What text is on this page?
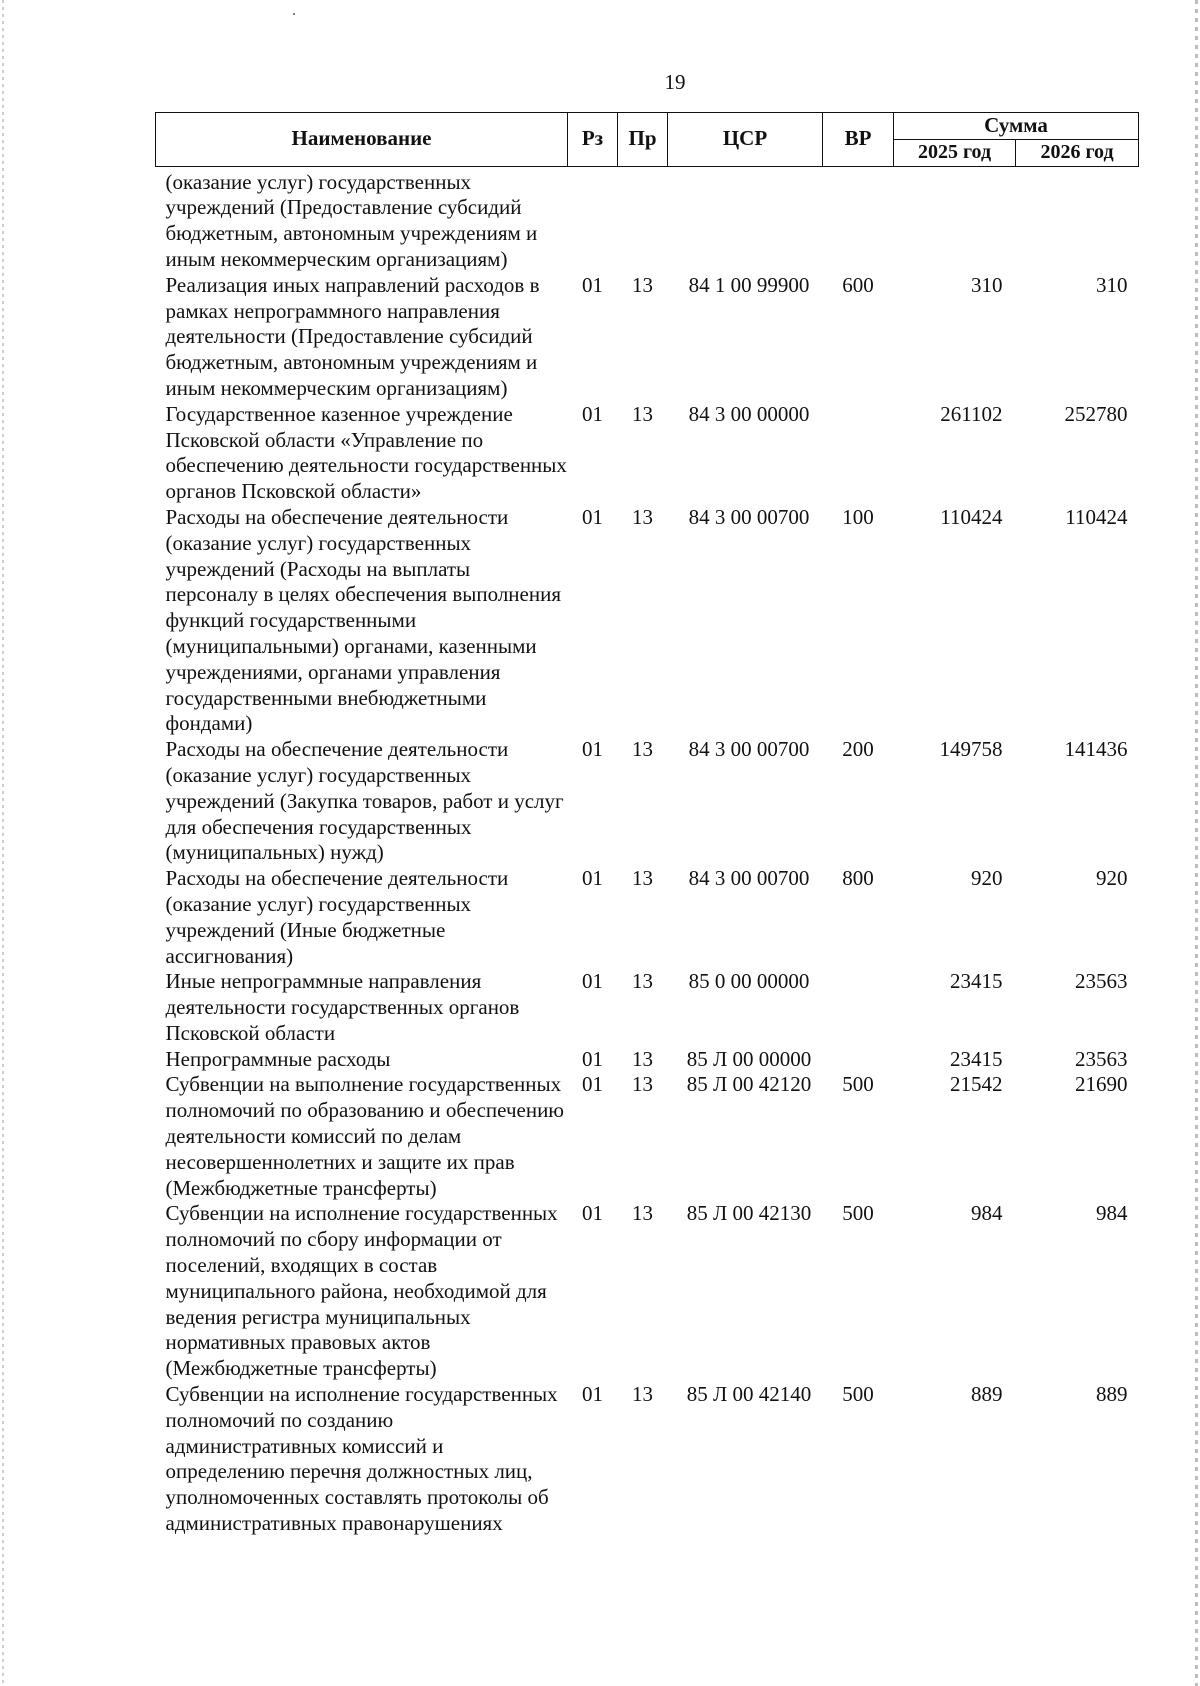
19
Наименование	Рз	Пр	ЦСР	ВР	Сумма	
					2025 год	2026 год
(оказание услуг) государственных учреждений (Предоставление субсидий бюджетным, автономным учреждениям и иным некоммерческим организациям)						
Реализация иных направлений расходов в рамках непрограммного направления деятельности (Предоставление субсидий бюджетным, автономным учреждениям и иным некоммерческим организациям)	01	13	84 1 00 99900	600	310	310
Государственное казенное учреждение Псковской области «Управление по обеспечению деятельности государственных органов Псковской области»	01	13	84 3 00 00000		261102	252780
Расходы на обеспечение деятельности (оказание услуг) государственных учреждений (Расходы на выплаты персоналу в целях обеспечения выполнения функций государственными (муниципальными) органами, казенными учреждениями, органами управления государственными внебюджетными фондами)	01	13	84 3 00 00700	100	110424	110424
Расходы на обеспечение деятельности (оказание услуг) государственных учреждений (Закупка товаров, работ и услуг для обеспечения государственных (муниципальных) нужд)	01	13	84 3 00 00700	200	149758	141436
Расходы на обеспечение деятельности (оказание услуг) государственных учреждений (Иные бюджетные ассигнования)	01	13	84 3 00 00700	800	920	920
Иные непрограммные направления деятельности государственных органов Псковской области	01	13	85 0 00 00000		23415	23563
Непрограммные расходы	01	13	85 Л 00 00000		23415	23563
Субвенции на выполнение государственных полномочий по образованию и обеспечению деятельности комиссий по делам несовершеннолетних и защите их прав (Межбюджетные трансферты)	01	13	85 Л 00 42120	500	21542	21690
Субвенции на исполнение государственных полномочий по сбору информации от поселений, входящих в состав муниципального района, необходимой для ведения регистра муниципальных нормативных правовых актов (Межбюджетные трансферты)	01	13	85 Л 00 42130	500	984	984
Субвенции на исполнение государственных полномочий по созданию административных комиссий и определению перечня должностных лиц, уполномоченных составлять протоколы об административных правонарушениях	01	13	85 Л 00 42140	500	889	889
